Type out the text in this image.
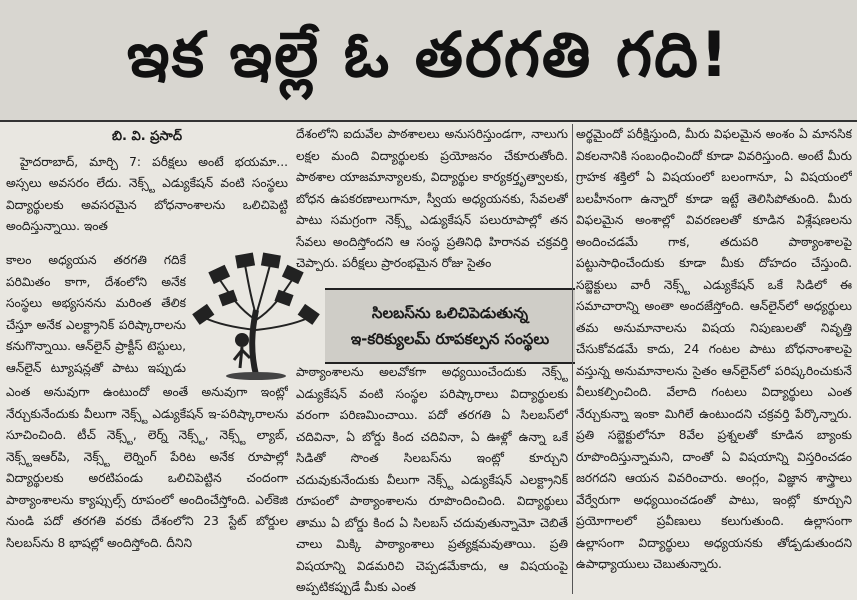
ఇక ఇల్లే ఓ తరగతి గది!
బి. వి. ప్రసాద్
హైదరాబాద్, మార్చి 7: పరీక్షలు అంటే భయమా... అస్సలు అవసరం లేదు. నెక్స్ట్ ఎడ్యుకేషన్ వంటి సంస్థలు విద్యార్థులకు అవసరమైన బోధనాంశాలను ఒలిచిపెట్టి అందిస్తున్నాయి. ఇంత
కాలం అధ్యయన తరగతి గదికే పరిమితం కాగా, దేశంలోని అనేక సంస్థలు అభ్యసనను మరింత తేలిక చేస్తూ అనేక ఎలక్ట్రానిక్ పరిష్కారాలను కనుగొన్నాయి. ఆన్‌లైన్ ప్రాక్టీస్ టెస్టులు, ఆన్‌లైన్ ట్యూషన్లతో పాటు ఇప్పుడు
ఎంత అనువుగా ఉంటుందో అంతే అనువుగా ఇంట్లో నేర్చుకునేందుకు వీలుగా నెక్స్ట్ ఎడ్యుకేషన్ ఇ-పరిష్కారాలను సూచించింది. టీచ్ నెక్స్ట్, లెర్న్ నెక్స్ట్, నెక్స్ట్ ల్యాబ్, నెక్స్ట్‌ఇఆర్‌పి, నెక్స్ట్ లెర్నింగ్ పేరిట అనేక రూపాల్లో విద్యార్థులకు అరటిపండు ఒలిచిపెట్టిన చందంగా పాఠ్యాంశాలను క్యాప్సుల్స్ రూపంలో అందించేస్తోంది. ఎల్‌కెజి నుండి పదో తరగతి వరకు దేశంలోని 23 స్టేట్ బోర్డుల సిలబస్‌ను 8 భాషల్లో అందిస్తోంది. దీనిని
దేశంలోని ఐదువేల పాఠశాలలు అనుసరిస్తుండగా, నాలుగు లక్షల మంది విద్యార్థులకు ప్రయోజనం చేకూరుతోంది. పాఠశాల యాజమాన్యాలకు, విద్యార్థుల కార్యకర్తృత్వాలకు, బోధన ఉపకరణాలుగానూ, స్వీయ అధ్యయనకు, సేవలతో పాటు సమగ్రంగా నెక్స్ట్ ఎడ్యుకేషన్ పలురూపాల్లో తన సేవలు అందిస్తోందని ఆ సంస్థ ప్రతినిధి హిరానవ చక్రవర్తి చెప్పారు. పరీక్షలు ప్రారంభమైన రోజు సైతం
సిలబస్‌ను ఒలిచిపెడుతున్న
ఇ-కరిక్యులమ్ రూపకల్పన సంస్థలు
పాఠ్యాంశాలను అలవోకగా అధ్యయించేందుకు నెక్స్ట్ ఎడ్యుకేషన్ వంటి సంస్థల పరిష్కారాలు విద్యార్థులకు వరంగా పరిణమించాయి. పదో తరగతి ఏ సిలబస్‌లో చదివినా, ఏ బోర్డు కింద చదివినా, ఏ ఊళ్లో ఉన్నా ఒకే సిడితో సొంత సిలబస్‌ను ఇంట్లో కూర్చుని చదువుకునేందుకు వీలుగా నెక్స్ట్ ఎడ్యుకేషన్ ఎలక్ట్రానిక్ రూపంలో పాఠ్యాంశాలను రూపొందించింది. విద్యార్థులు తాము ఏ బోర్డు కింద ఏ సిలబస్ చదువుతున్నామో చెబితే చాలు మిక్కి పాఠ్యాంశాలు ప్రత్యక్షమవుతాయి. ప్రతి విషయాన్ని విడమరిచి చెప్పడమేకాదు, ఆ విషయంపై అప్పటికప్పుడే మీకు ఎంత
అర్థమైందో పరీక్షిస్తుంది, మీరు విఫలమైన అంశం ఏ మానసిక వికలనానికి సంబంధించిందో కూడా వివరిస్తుంది. అంటే మీరు గ్రాహక శక్తిలో ఏ విషయంలో బలంగానూ, ఏ విషయంలో బలహీనంగా ఉన్నారో కూడా ఇట్టే తెలిసిపోతుంది. మీరు విఫలమైన అంశాల్లో వివరణలతో కూడిన విశ్లేషణలను అందించడమే గాక, తదుపరి పాఠ్యాంశాలపై పట్టుసాధించేందుకు కూడా మీకు దోహదం చేస్తుంది. సబ్జెక్టులు వారీ నెక్స్ట్ ఎడ్యుకేషన్ ఒకే సిడిలో ఈ సమాచారాన్ని అంతా అందజేస్తోంది. ఆన్‌లైన్‌లో అధ్యర్థులు తమ అనుమానాలను విషయ నిపుణులతో నివృత్తి చేసుకోవడమే కాదు, 24 గంటల పాటు బోధనాంశాలపై వస్తున్న అనుమానాలను సైతం ఆన్‌లైన్‌లో పరిష్కరించుకునే వీలుకల్పించింది. వేలాది గంటలు విద్యార్థులు ఎంత నేర్చుకున్నా ఇంకా మిగిలే ఉంటుందని చక్రవర్తి పేర్కొన్నారు. ప్రతి సబ్జెక్టులోనూ 8వేల ప్రశ్నలతో కూడిన బ్యాంకు రూపొందిస్తున్నామని, దాంతో ఏ విషయాన్ని విస్తరించడం జరగదని ఆయన వివరించారు. అంగ్లం, విజ్ఞాన శాస్త్రాలు వేర్వేరుగా అధ్యయించడంతో పాటు, ఇంట్లో కూర్చుని ప్రయోగాలలో ప్రవీణులు కలుగుతుంది. ఉల్లాసంగా ఉల్లాసంగా విద్యార్థులు అధ్యయనకు తోడ్పడుతుందని ఉపాధ్యాయులు చెబుతున్నారు.
